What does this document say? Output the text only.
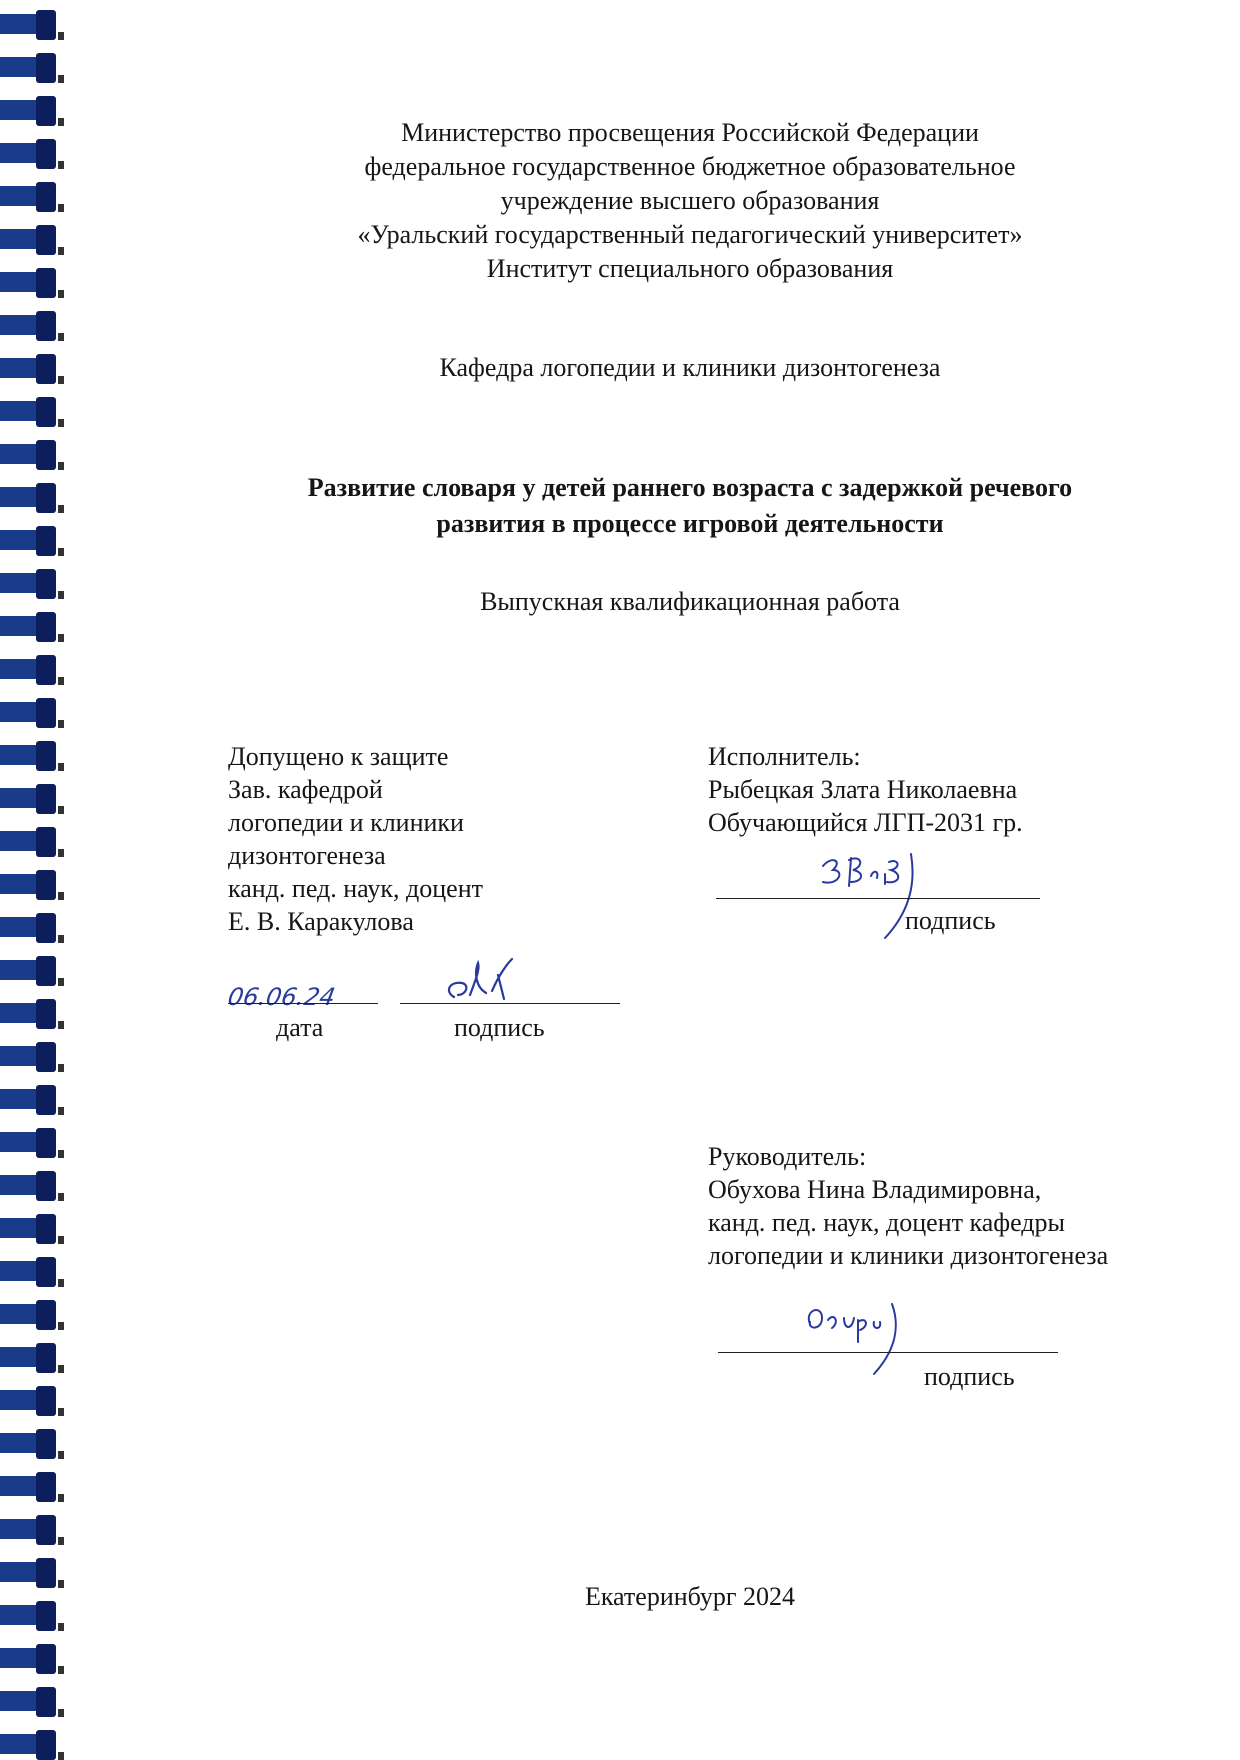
Министерство просвещения Российской Федерации
федеральное государственное бюджетное образовательное
учреждение высшего образования
«Уральский государственный педагогический университет»
Институт специального образования
Кафедра логопедии и клиники дизонтогенеза
Развитие словаря у детей раннего возраста с задержкой речевого
развития в процессе игровой деятельности
Выпускная квалификационная работа
Допущено к защите
Зав. кафедрой
логопедии и клиники
дизонтогенеза
канд. пед. наук, доцент
Е. В. Каракулова
06.06.24
дата	подпись
Исполнитель:
Рыбецкая Злата Николаевна
Обучающийся ЛГП-2031 гр.
подпись
Руководитель:
Обухова Нина Владимировна,
канд. пед. наук, доцент кафедры
логопедии и клиники дизонтогенеза
подпись
Екатеринбург 2024
